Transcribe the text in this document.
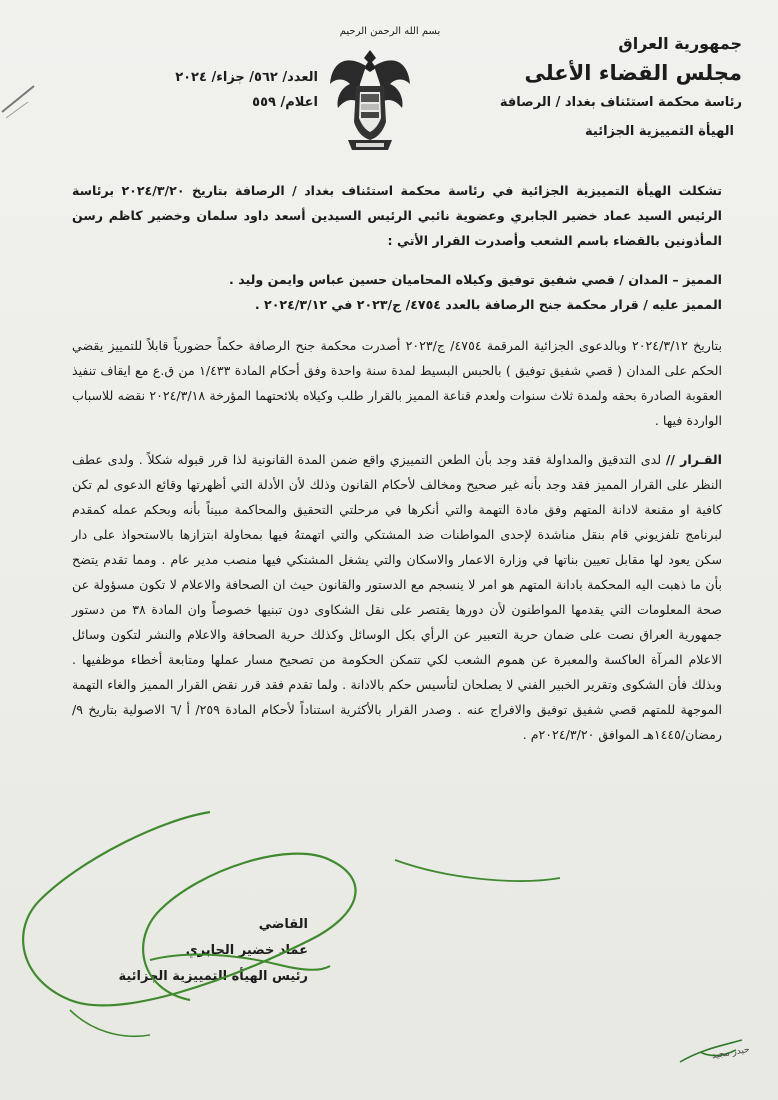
بسم الله الرحمن الرحيم
جمهورية العراق
مجلس القضاء الأعلى
رئاسة محكمة استئناف بغداد / الرصافة
الهيأة التمييزية الجزائية
العدد/ ٥٦٢/ جزاء/ ٢٠٢٤
اعلام/ ٥٥٩

تشكلت الهيأة التمييزية الجزائية في رئاسة محكمة استئناف بغداد / الرصافة بتاريخ ٢٠٢٤/٣/٢٠ برئاسة الرئيس السيد عماد خضير الجابري وعضوية نائبي الرئيس السيدين أسعد داود سلمان وخضير كاظم رسن المأذونين بالقضاء باسم الشعب وأصدرت القرار الأتي :

المميز – المدان / قصي شفيق توفيق وكيلاه المحاميان حسين عباس وايمن وليد .

المميز عليه / قرار محكمة جنح الرصافة بالعدد ٤٧٥٤/ ج/٢٠٢٣ في ٢٠٢٤/٣/١٢ .

بتاريخ ٢٠٢٤/٣/١٢ وبالدعوى الجزائية المرقمة ٤٧٥٤/ ج/٢٠٢٣ أصدرت محكمة جنح الرصافة حكماً حضورياً قابلاً للتمييز يقضي الحكم على المدان ( قصي شفيق توفيق ) بالحبس البسيط لمدة سنة واحدة وفق أحكام المادة ١/٤٣٣ من ق.ع مع ايقاف تنفيذ العقوبة الصادرة بحقه ولمدة ثلاث سنوات ولعدم قناعة المميز بالقرار طلب وكيلاه بلائحتهما المؤرخة ٢٠٢٤/٣/١٨ نقضه للاسباب الواردة فيها .

القـرار // لدى التدقيق والمداولة فقد وجد بأن الطعن التمييزي واقع ضمن المدة القانونية لذا قرر قبوله شكلاً . ولدى عطف النظر على القرار المميز فقد وجد بأنه غير صحيح ومخالف لأحكام القانون وذلك لأن الأدلة التي أظهرتها وقائع الدعوى لم تكن كافية او مقنعة لادانة المتهم وفق مادة التهمة والتي أنكرها في مرحلتي التحقيق والمحاكمة مبيناً بأنه وبحكم عمله كمقدم لبرنامج تلفزيوني قام بنقل مناشدة لإحدى المواطنات ضد المشتكي والتي اتهمتهُ فيها بمحاولة ابتزازها بالاستحواذ على دار سكن يعود لها مقابل تعيين بناتها في وزارة الاعمار والاسكان والتي يشغل المشتكي فيها منصب مدير عام . ومما تقدم يتضح بأن ما ذهبت اليه المحكمة بادانة المتهم هو امر لا ينسجم مع الدستور والقانون حيث ان الصحافة والاعلام لا تكون مسؤولة عن صحة المعلومات التي يقدمها المواطنون لأن دورها يقتصر على نقل الشكاوى دون تبنيها خصوصاً وان المادة ٣٨ من دستور جمهورية العراق نصت على ضمان حرية التعبير عن الرأي بكل الوسائل وكذلك حرية الصحافة والاعلام والنشر لتكون وسائل الاعلام المرآة العاكسة والمعبرة عن هموم الشعب لكي تتمكن الحكومة من تصحيح مسار عملها ومتابعة أخطاء موظفيها . وبذلك فأن الشكوى وتقرير الخبير الفني لا يصلحان لتأسيس حكم بالادانة . ولما تقدم فقد قرر نقض القرار المميز والغاء التهمة الموجهة للمتهم قصي شفيق توفيق والافراج عنه . وصدر القرار بالأكثرية استناداً لأحكام المادة ٢٥٩/ أ /٦ الاصولية بتاريخ ٩/ رمضان/١٤٤٥هـ الموافق ٢٠٢٤/٣/٢٠م .

القاضي
عماد خضير الجابري
رئيس الهيأة التمييزية الجزائية
حيدر مجيد
